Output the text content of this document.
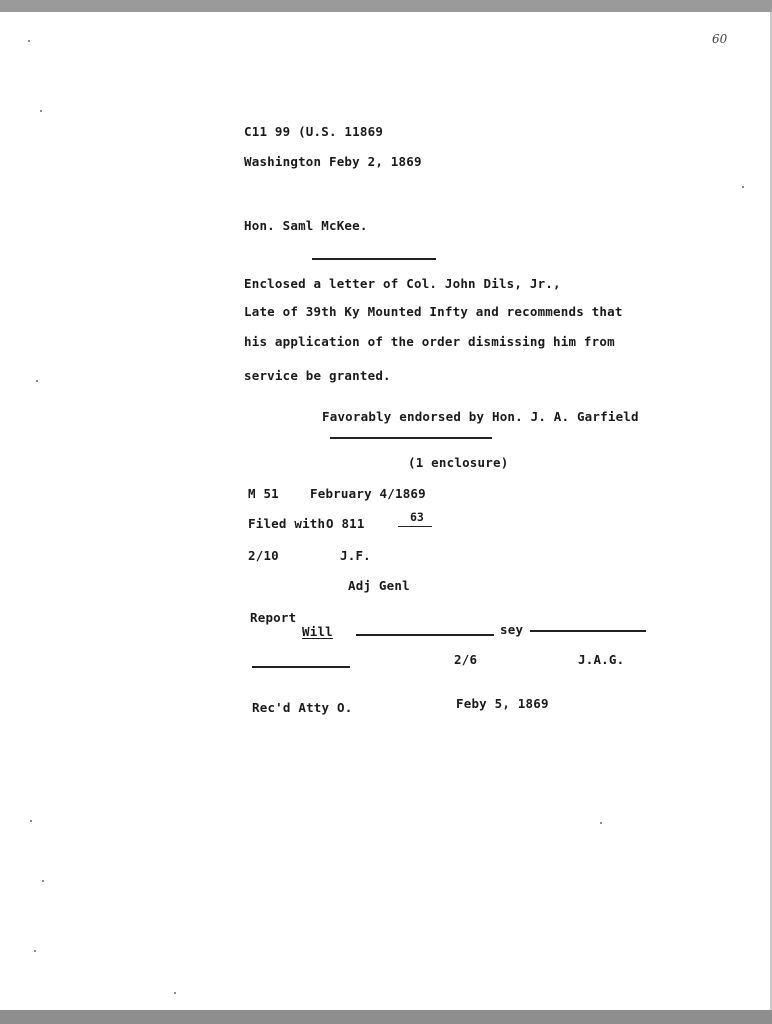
60
C11 99 (U.S. 11869
Washington Feby 2, 1869
Hon. Saml McKee.
Enclosed a letter of Col. John Dils, Jr.,
Late of 39th Ky Mounted Infty and recommends that
his application of the order dismissing him from
service be granted.
Favorably endorsed by Hon. J. A. Garfield
(1 enclosure)
M 51 February 4/1869
Filed with O 811	63
2/10	J.F.
Adj Genl
Report
Will	sey
2/6	J.A.G.
Rec'd Atty O.	Feby 5, 1869
